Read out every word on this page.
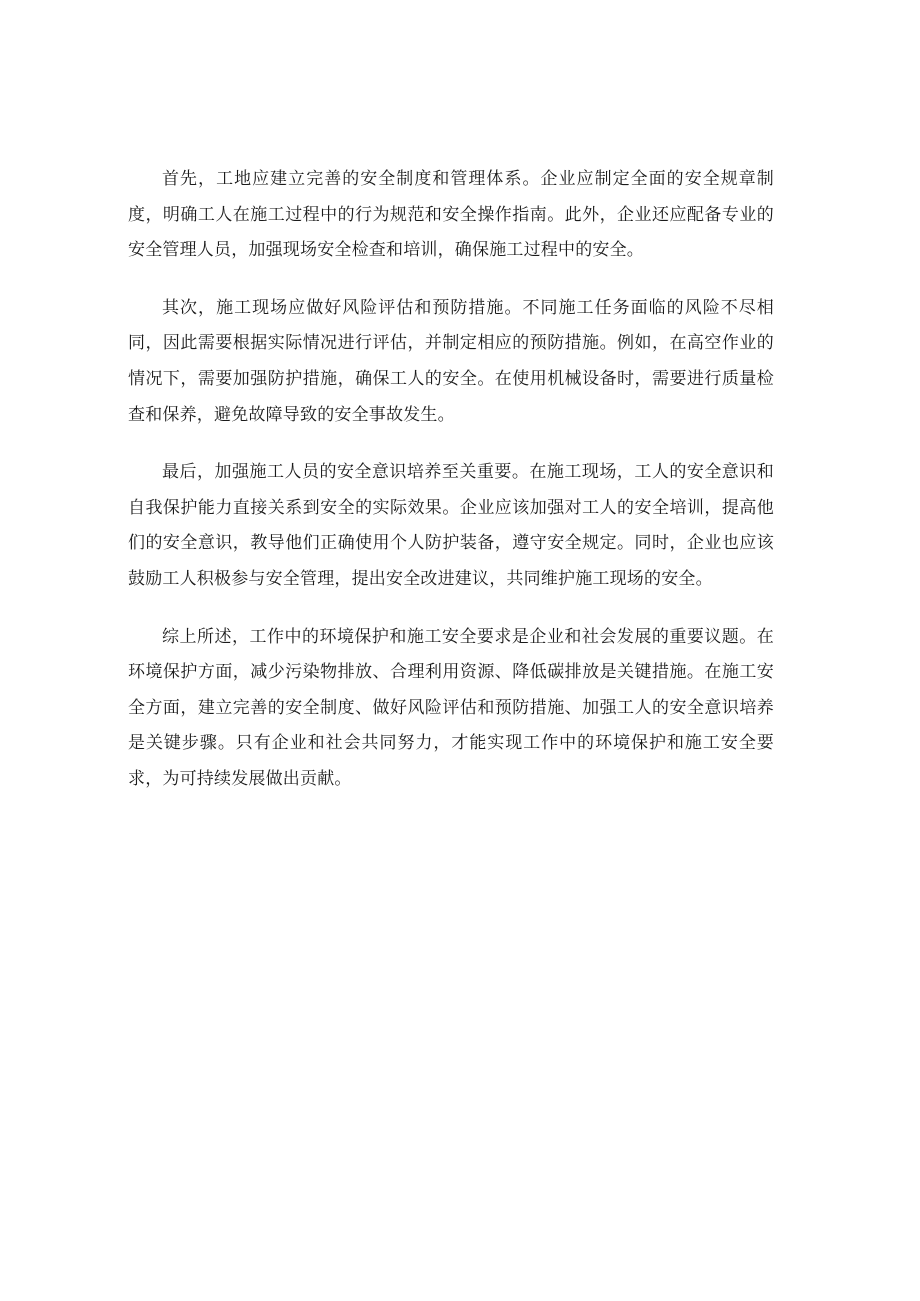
首先，工地应建立完善的安全制度和管理体系。企业应制定全面的安全规章制度，明确工人在施工过程中的行为规范和安全操作指南。此外，企业还应配备专业的安全管理人员，加强现场安全检查和培训，确保施工过程中的安全。

其次，施工现场应做好风险评估和预防措施。不同施工任务面临的风险不尽相同，因此需要根据实际情况进行评估，并制定相应的预防措施。例如，在高空作业的情况下，需要加强防护措施，确保工人的安全。在使用机械设备时，需要进行质量检查和保养，避免故障导致的安全事故发生。

最后，加强施工人员的安全意识培养至关重要。在施工现场，工人的安全意识和自我保护能力直接关系到安全的实际效果。企业应该加强对工人的安全培训，提高他们的安全意识，教导他们正确使用个人防护装备，遵守安全规定。同时，企业也应该鼓励工人积极参与安全管理，提出安全改进建议，共同维护施工现场的安全。

综上所述，工作中的环境保护和施工安全要求是企业和社会发展的重要议题。在环境保护方面，减少污染物排放、合理利用资源、降低碳排放是关键措施。在施工安全方面，建立完善的安全制度、做好风险评估和预防措施、加强工人的安全意识培养是关键步骤。只有企业和社会共同努力，才能实现工作中的环境保护和施工安全要求，为可持续发展做出贡献。
